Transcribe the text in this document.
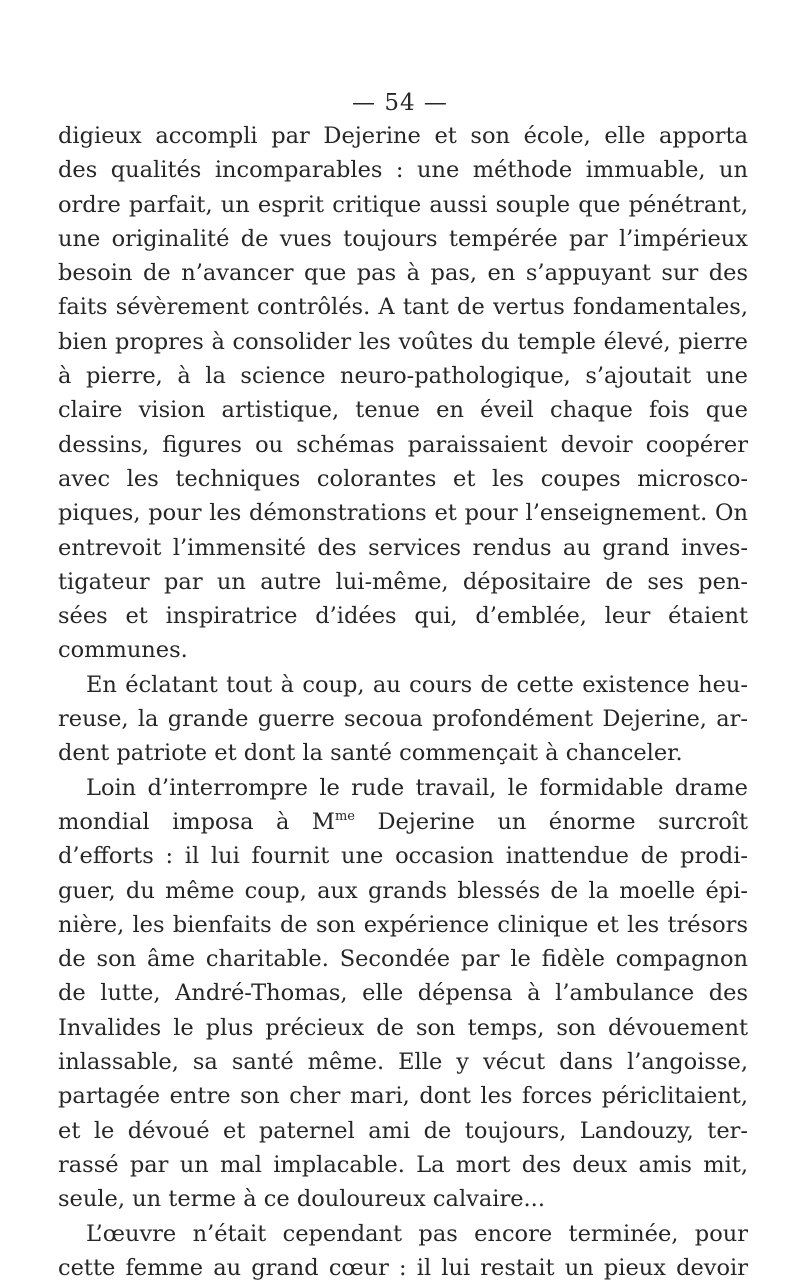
— 54 —
digieux accompli par Dejerine et son école, elle apporta
des qualités incomparables : une méthode immuable, un
ordre parfait, un esprit critique aussi souple que pénétrant,
une originalité de vues toujours tempérée par l’impérieux
besoin de n’avancer que pas à pas, en s’appuyant sur des
faits sévèrement contrôlés. A tant de vertus fondamentales,
bien propres à consolider les voûtes du temple élevé, pierre
à pierre, à la science neuro-pathologique, s’ajoutait une
claire vision artistique, tenue en éveil chaque fois que
dessins, figures ou schémas paraissaient devoir coopérer
avec les techniques colorantes et les coupes microsco-
piques, pour les démonstrations et pour l’enseignement. On
entrevoit l’immensité des services rendus au grand inves-
tigateur par un autre lui-même, dépositaire de ses pen-
sées et inspiratrice d’idées qui, d’emblée, leur étaient
communes.
En éclatant tout à coup, au cours de cette existence heu-
reuse, la grande guerre secoua profondément Dejerine, ar-
dent patriote et dont la santé commençait à chanceler.
Loin d’interrompre le rude travail, le formidable drame
mondial imposa à $M^{me}$ Dejerine un énorme surcroît
d’efforts : il lui fournit une occasion inattendue de prodi-
guer, du même coup, aux grands blessés de la moelle épi-
nière, les bienfaits de son expérience clinique et les trésors
de son âme charitable. Secondée par le fidèle compagnon
de lutte, André-Thomas, elle dépensa à l’ambulance des
Invalides le plus précieux de son temps, son dévouement
inlassable, sa santé même. Elle y vécut dans l’angoisse,
partagée entre son cher mari, dont les forces périclitaient,
et le dévoué et paternel ami de toujours, Landouzy, ter-
rassé par un mal implacable. La mort des deux amis mit,
seule, un terme à ce douloureux calvaire...
L’œuvre n’était cependant pas encore terminée, pour
cette femme au grand cœur : il lui restait un pieux devoir
